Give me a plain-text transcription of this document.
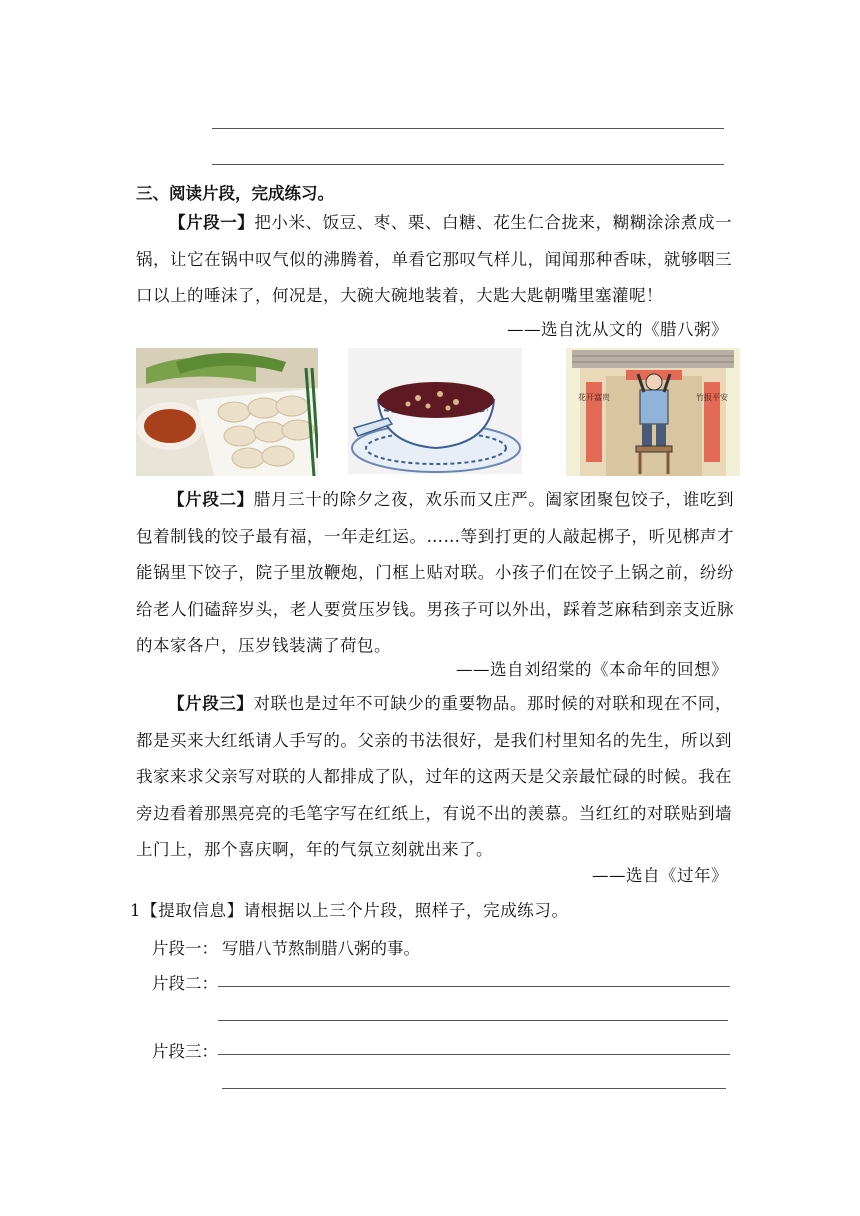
三、阅读片段，完成练习。
【片段一】把小米、饭豆、枣、栗、白糖、花生仁合拢来，糊糊涂涂煮成一锅，让它在锅中叹气似的沸腾着，单看它那叹气样儿，闻闻那种香味，就够咽三口以上的唾沫了，何况是，大碗大碗地装着，大匙大匙朝嘴里塞灌呢！
——选自沈从文的《腊八粥》
花开富贵	竹报平安
【片段二】腊月三十的除夕之夜，欢乐而又庄严。阖家团聚包饺子，谁吃到包着制钱的饺子最有福，一年走红运。……等到打更的人敲起梆子，听见梆声才能锅里下饺子，院子里放鞭炮，门框上贴对联。小孩子们在饺子上锅之前，纷纷给老人们磕辞岁头，老人要赏压岁钱。男孩子可以外出，踩着芝麻秸到亲支近脉的本家各户，压岁钱装满了荷包。
——选自刘绍棠的《本命年的回想》
【片段三】对联也是过年不可缺少的重要物品。那时候的对联和现在不同，都是买来大红纸请人手写的。父亲的书法很好，是我们村里知名的先生，所以到我家来求父亲写对联的人都排成了队，过年的这两天是父亲最忙碌的时候。我在旁边看着那黑亮亮的毛笔字写在红纸上，有说不出的羡慕。当红红的对联贴到墙上门上，那个喜庆啊，年的气氛立刻就出来了。
——选自《过年》
1【提取信息】请根据以上三个片段，照样子，完成练习。
片段一： 写腊八节熬制腊八粥的事。
片段二：
片段三：
